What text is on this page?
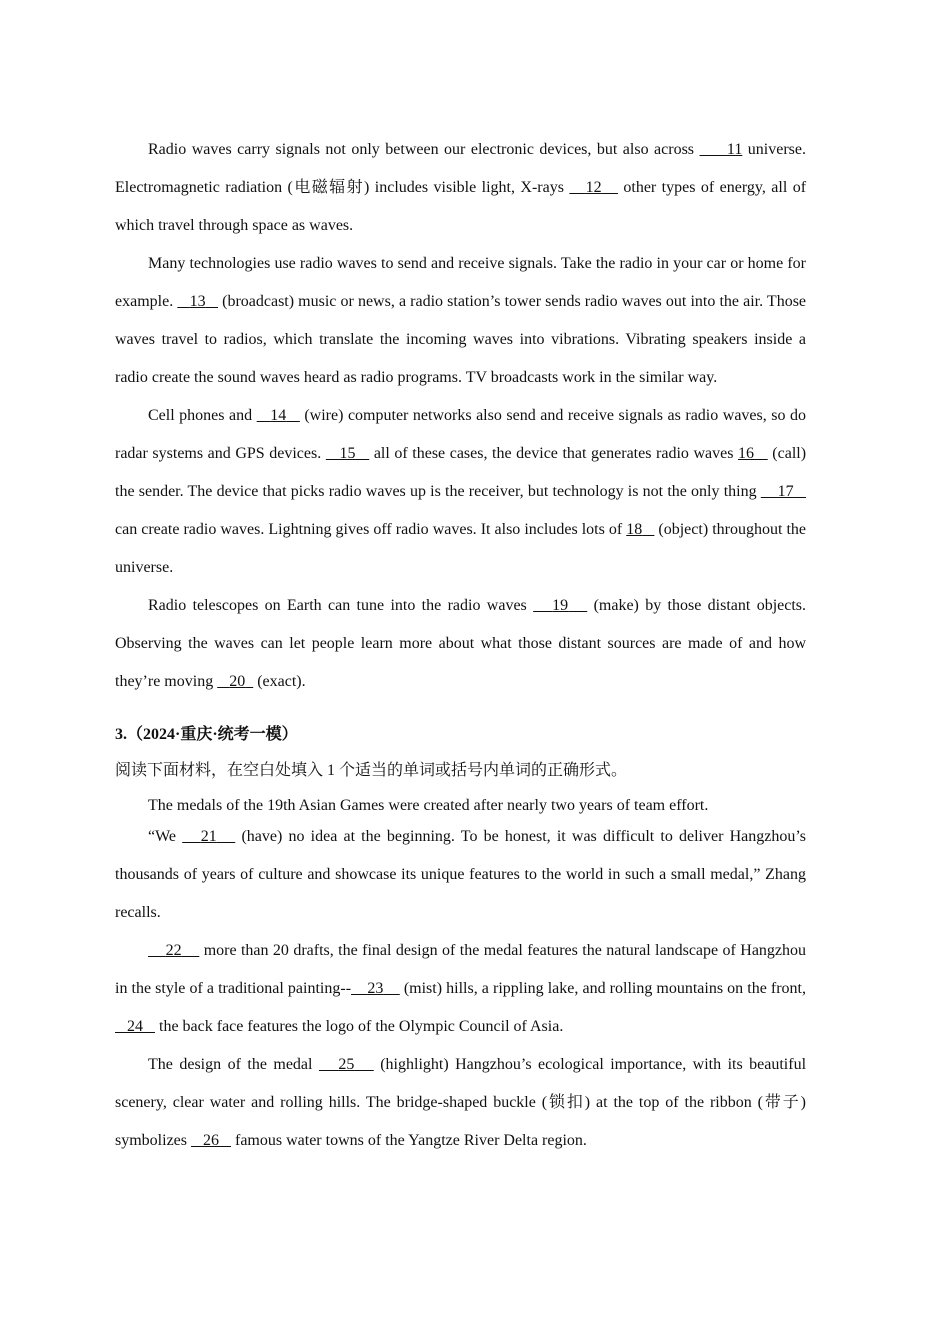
Radio waves carry signals not only between our electronic devices, but also across      11 universe. Electromagnetic radiation (电磁辐射) includes visible light, X-rays    12    other types of energy, all of which travel through space as waves.

Many technologies use radio waves to send and receive signals. Take the radio in your car or home for example.    13    (broadcast) music or news, a radio station’s tower sends radio waves out into the air. Those waves travel to radios, which translate the incoming waves into vibrations. Vibrating speakers inside a radio create the sound waves heard as radio programs. TV broadcasts work in the similar way.

Cell phones and    14    (wire) computer networks also send and receive signals as radio waves, so do radar systems and GPS devices.    15    all of these cases, the device that generates radio waves 16    (call) the sender. The device that picks radio waves up is the receiver, but technology is not the only thing     17    can create radio waves. Lightning gives off radio waves. It also includes lots of 18    (object) throughout the universe.

Radio telescopes on Earth can tune into the radio waves    19    (make) by those distant objects. Observing the waves can let people learn more about what those distant sources are made of and how they’re moving    20   (exact).

3.（2024·重庆·统考一模）

阅读下面材料，在空白处填入 1 个适当的单词或括号内单词的正确形式。

The medals of the 19th Asian Games were created after nearly two years of team effort.

“We    21    (have) no idea at the beginning. To be honest, it was difficult to deliver Hangzhou’s thousands of years of culture and showcase its unique features to the world in such a small medal,” Zhang recalls.

22     more than 20 drafts, the final design of the medal features the natural landscape of Hangzhou in the style of a traditional painting-- 23     (mist) hills, a rippling lake, and rolling mountains on the front,    24    the back face features the logo of the Olympic Council of Asia.

The design of the medal    25    (highlight) Hangzhou’s ecological importance, with its beautiful scenery, clear water and rolling hills. The bridge-shaped buckle (锁扣) at the top of the ribbon (带子) symbolizes    26    famous water towns of the Yangtze River Delta region.
